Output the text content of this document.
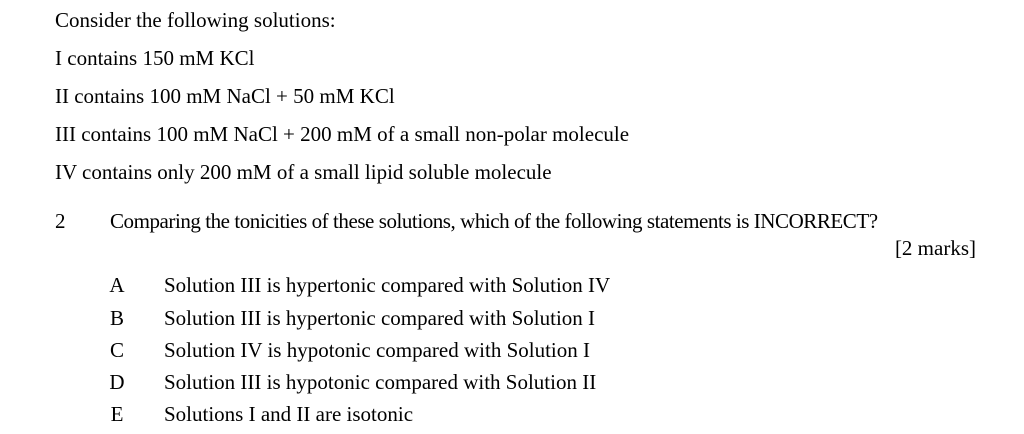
Consider the following solutions:
I contains 150 mM KCl
II contains 100 mM NaCl + 50 mM KCl
III contains 100 mM NaCl + 200 mM of a small non-polar molecule
IV contains only 200 mM of a small lipid soluble molecule
2 Comparing the tonicities of these solutions, which of the following statements is INCORRECT?
[2 marks]
A Solution III is hypertonic compared with Solution IV
B Solution III is hypertonic compared with Solution I
C Solution IV is hypotonic compared with Solution I
D Solution III is hypotonic compared with Solution II
E Solutions I and II are isotonic
